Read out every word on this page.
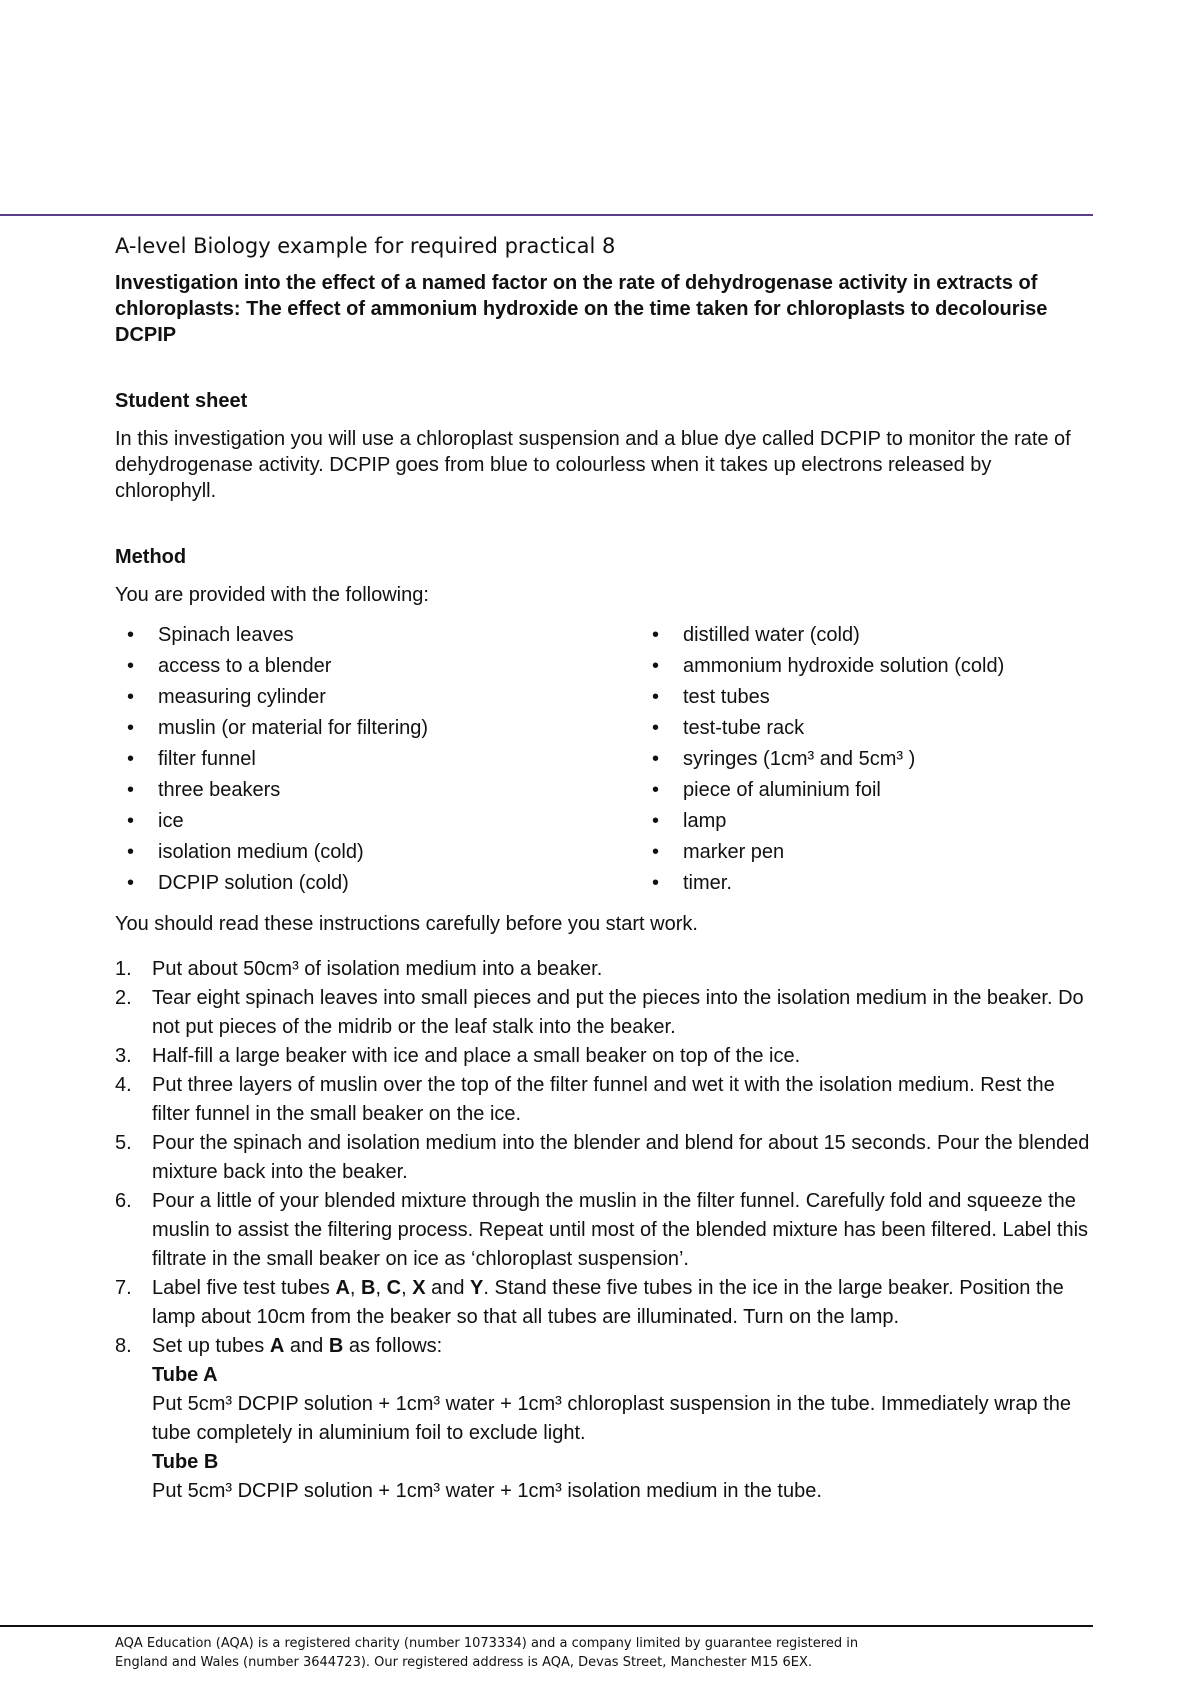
A-level Biology example for required practical 8
Investigation into the effect of a named factor on the rate of dehydrogenase activity in extracts of chloroplasts: The effect of ammonium hydroxide on the time taken for chloroplasts to decolourise DCPIP
Student sheet

In this investigation you will use a chloroplast suspension and a blue dye called DCPIP to monitor the rate of dehydrogenase activity. DCPIP goes from blue to colourless when it takes up electrons released by chlorophyll.

Method

You are provided with the following:

• Spinach leaves
• access to a blender
• measuring cylinder
• muslin (or material for filtering)
• filter funnel
• three beakers
• ice
• isolation medium (cold)
• DCPIP solution (cold)
• distilled water (cold)
• ammonium hydroxide solution (cold)
• test tubes
• test-tube rack
• syringes (1cm³ and 5cm³ )
• piece of aluminium foil
• lamp
• marker pen
• timer.

You should read these instructions carefully before you start work.

1. Put about 50cm³ of isolation medium into a beaker.
2. Tear eight spinach leaves into small pieces and put the pieces into the isolation medium in the beaker. Do not put pieces of the midrib or the leaf stalk into the beaker.
3. Half-fill a large beaker with ice and place a small beaker on top of the ice.
4. Put three layers of muslin over the top of the filter funnel and wet it with the isolation medium. Rest the filter funnel in the small beaker on the ice.
5. Pour the spinach and isolation medium into the blender and blend for about 15 seconds. Pour the blended mixture back into the beaker.
6. Pour a little of your blended mixture through the muslin in the filter funnel. Carefully fold and squeeze the muslin to assist the filtering process. Repeat until most of the blended mixture has been filtered. Label this filtrate in the small beaker on ice as ‘chloroplast suspension’.
7. Label five test tubes A, B, C, X and Y. Stand these five tubes in the ice in the large beaker. Position the lamp about 10cm from the beaker so that all tubes are illuminated. Turn on the lamp.
8. Set up tubes A and B as follows:
Tube A
Put 5cm³ DCPIP solution + 1cm³ water + 1cm³ chloroplast suspension in the tube. Immediately wrap the tube completely in aluminium foil to exclude light.
Tube B
Put 5cm³ DCPIP solution + 1cm³ water + 1cm³ isolation medium in the tube.
AQA Education (AQA) is a registered charity (number 1073334) and a company limited by guarantee registered in
England and Wales (number 3644723). Our registered address is AQA, Devas Street, Manchester M15 6EX.
